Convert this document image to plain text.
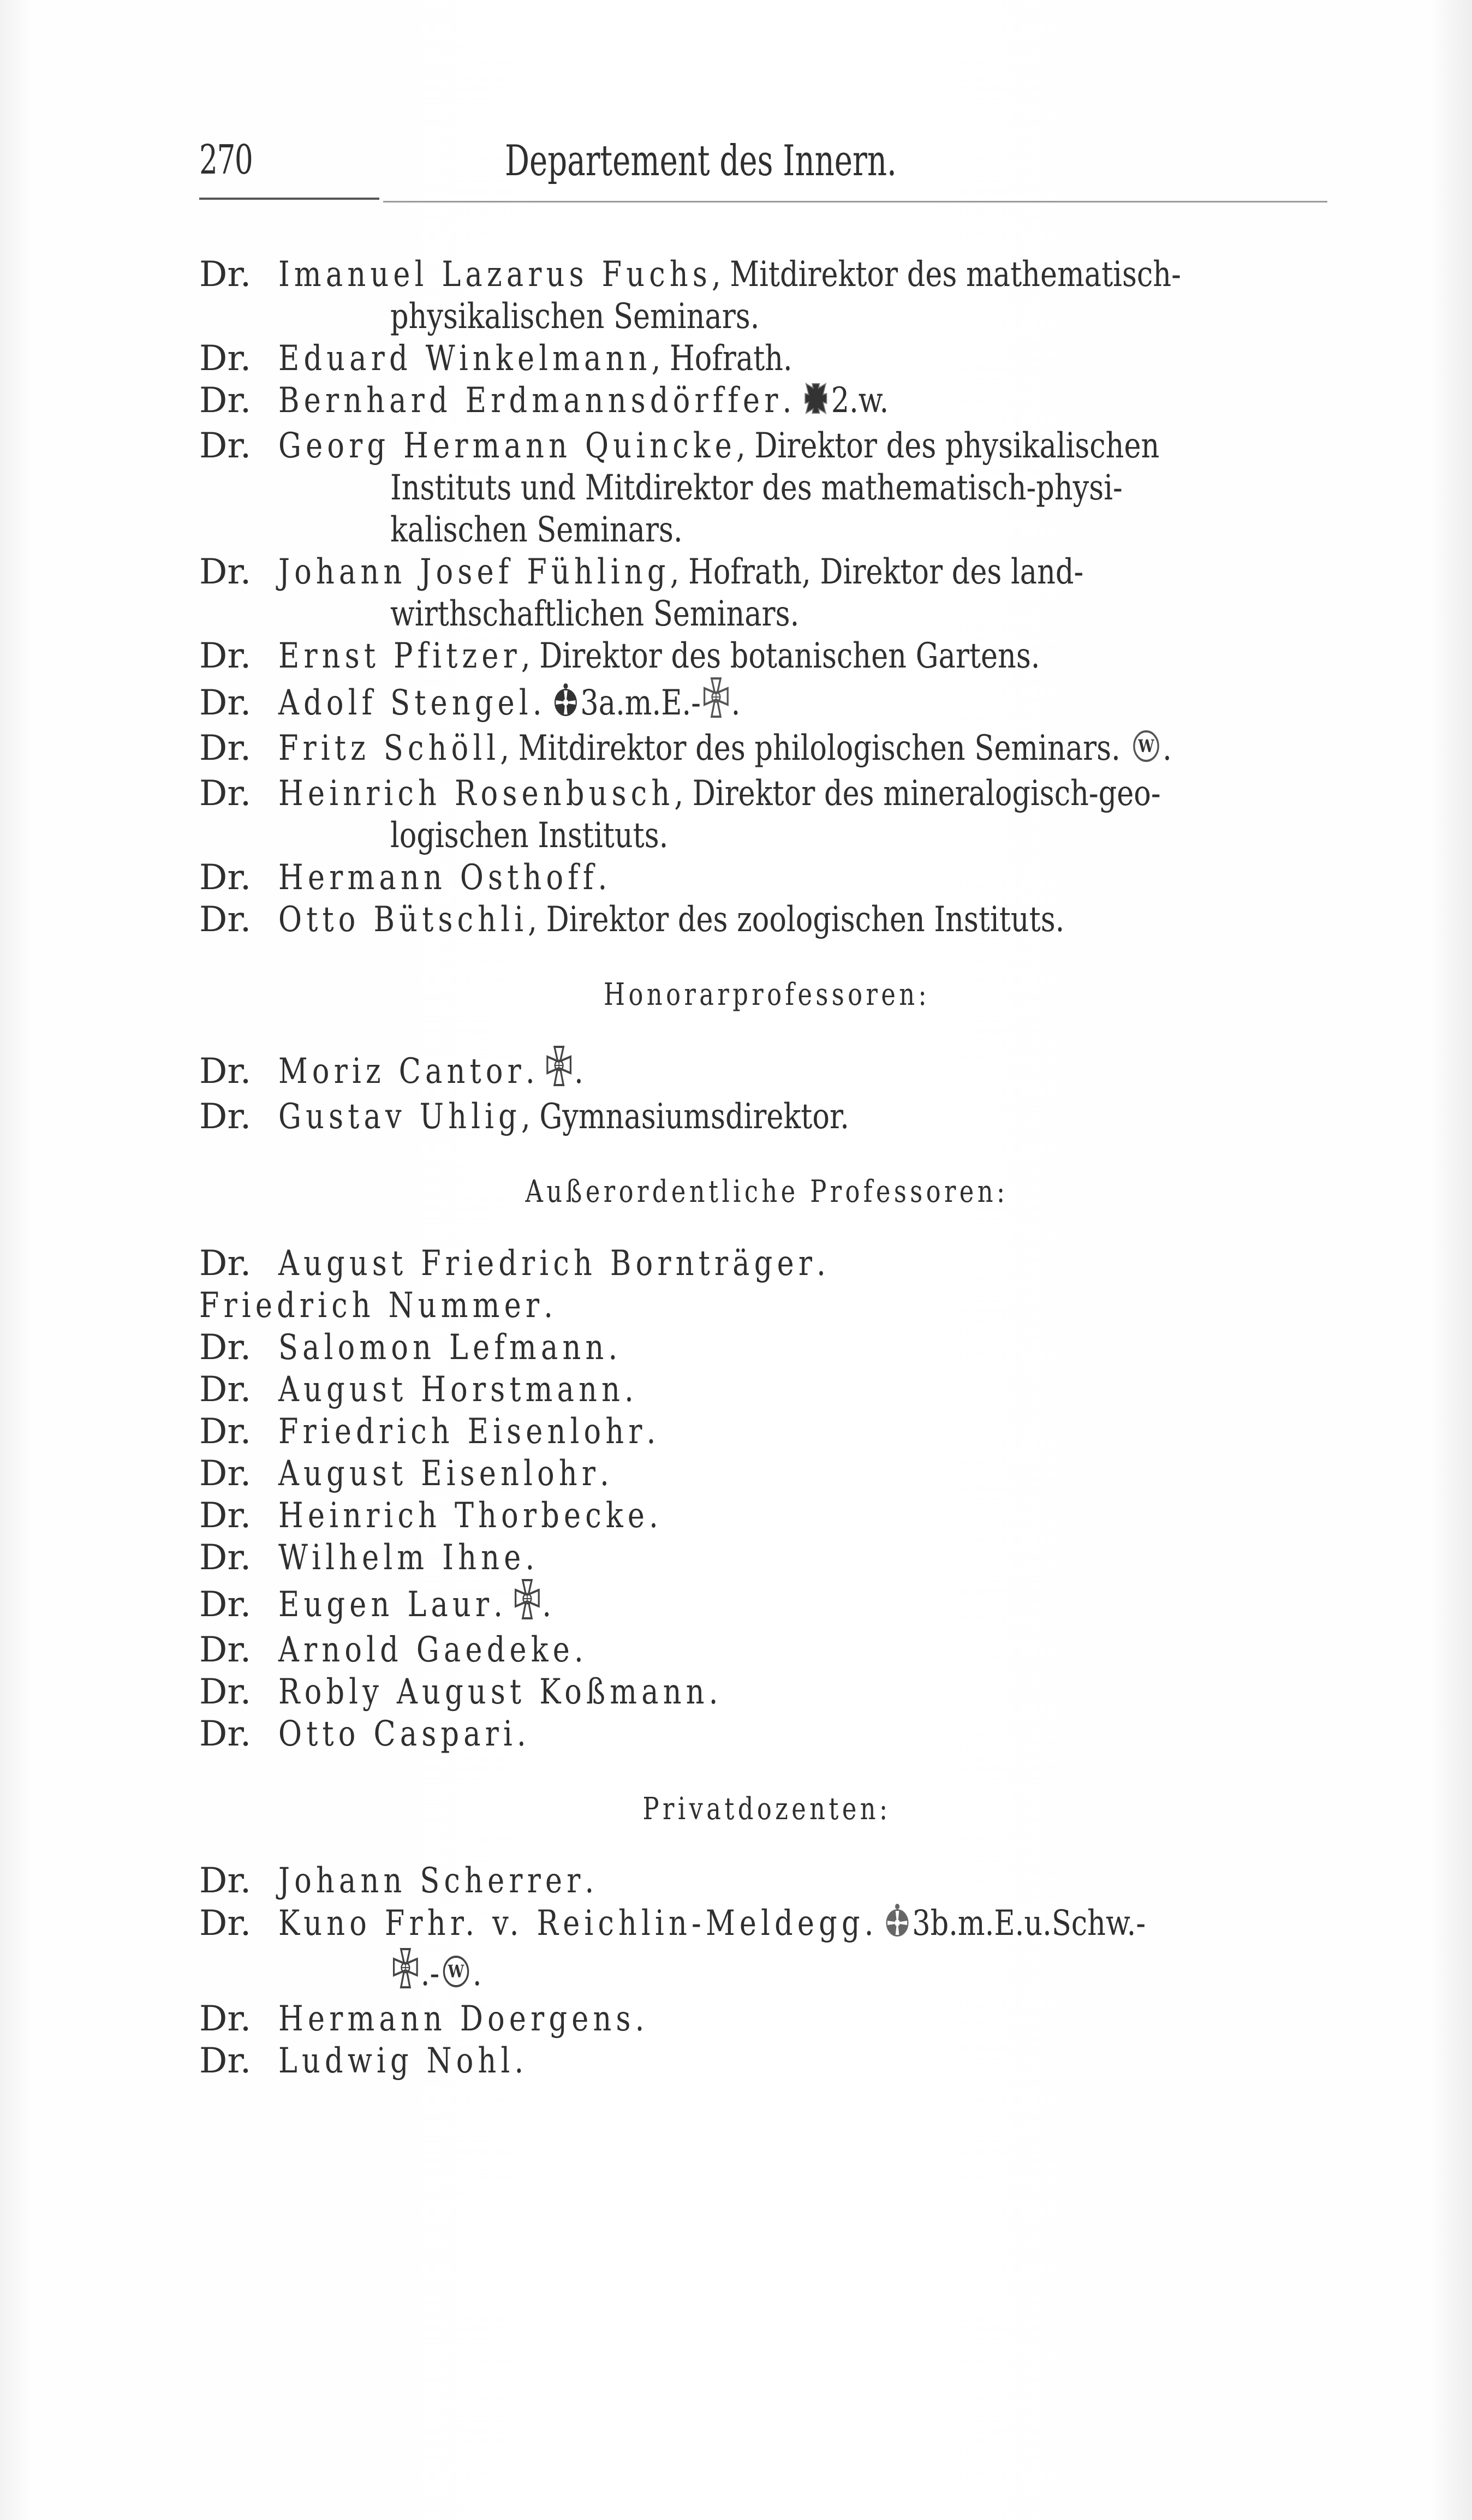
270	Departement des Innern.
Dr. Imanuel Lazarus Fuchs, Mitdirektor des mathematisch-
physikalischen Seminars.
Dr. Eduard Winkelmann, Hofrath.
Dr. Bernhard Erdmannsdörffer. 2.w.
Dr. Georg Hermann Quincke, Direktor des physikalischen
Instituts und Mitdirektor des mathematisch-physi-
kalischen Seminars.
Dr. Johann Josef Fühling, Hofrath, Direktor des land-
wirthschaftlichen Seminars.
Dr. Ernst Pfitzer, Direktor des botanischen Gartens.
Dr. Adolf Stengel. 3a.m.E.- .
Dr. Fritz Schöll, Mitdirektor des philologischen Seminars. W .
Dr. Heinrich Rosenbusch, Direktor des mineralogisch-geo-
logischen Instituts.
Dr. Hermann Osthoff.
Dr. Otto Bütschli, Direktor des zoologischen Instituts.
Honorarprofessoren:
Dr. Moriz Cantor. .
Dr. Gustav Uhlig, Gymnasiumsdirektor.
Außerordentliche Professoren:
Dr. August Friedrich Bornträger.
Friedrich Nummer.
Dr. Salomon Lefmann.
Dr. August Horstmann.
Dr. Friedrich Eisenlohr.
Dr. August Eisenlohr.
Dr. Heinrich Thorbecke.
Dr. Wilhelm Ihne.
Dr. Eugen Laur. .
Dr. Arnold Gaedeke.
Dr. Robly August Koßmann.
Dr. Otto Caspari.
Privatdozenten:
Dr. Johann Scherrer.
Dr. Kuno Frhr. v. Reichlin-Meldegg. 3b.m.E.u.Schw.-
.- W .
Dr. Hermann Doergens.
Dr. Ludwig Nohl.
